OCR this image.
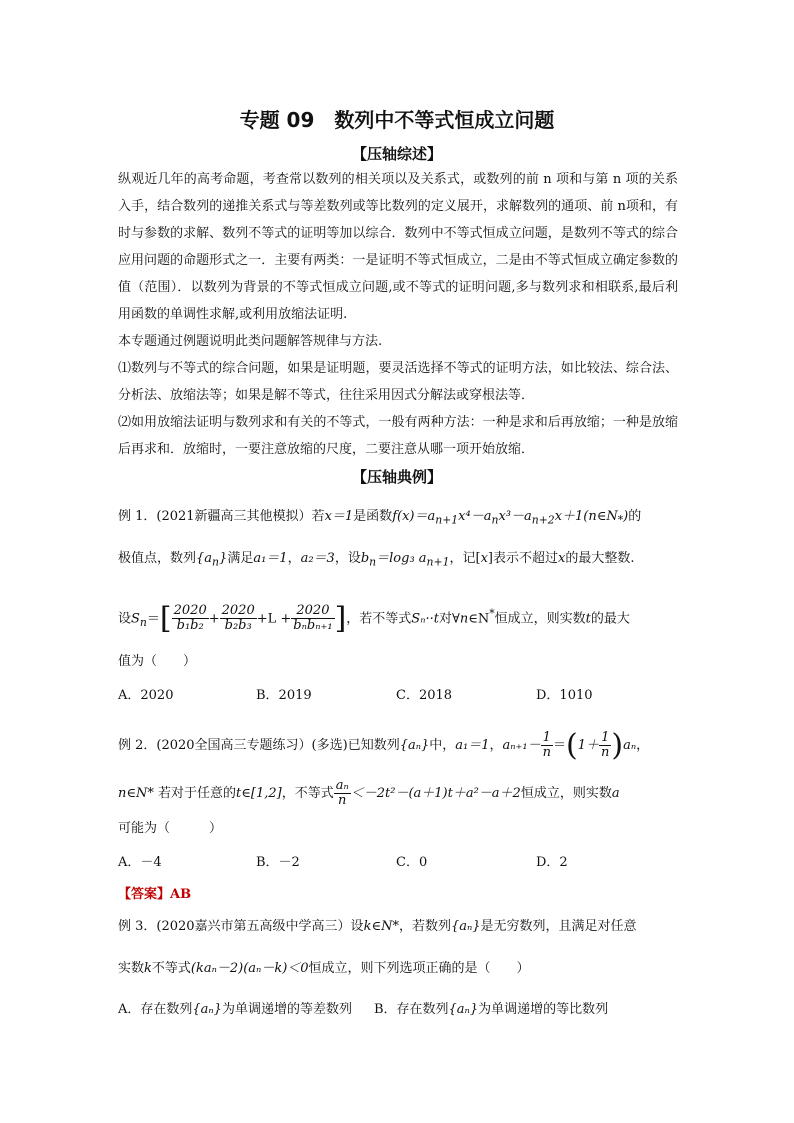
专题 09　数列中不等式恒成立问题
【压轴综述】
纵观近几年的高考命题，考查常以数列的相关项以及关系式，或数列的前 n 项和与第 n 项的关系入手，结合数列的递推关系式与等差数列或等比数列的定义展开，求解数列的通项、前 n项和，有时与参数的求解、数列不等式的证明等加以综合．数列中不等式恒成立问题，是数列不等式的综合应用问题的命题形式之一．主要有两类：一是证明不等式恒成立，二是由不等式恒成立确定参数的值（范围）．以数列为背景的不等式恒成立问题,或不等式的证明问题,多与数列求和相联系,最后利用函数的单调性求解,或利用放缩法证明.
本专题通过例题说明此类问题解答规律与方法.
⑴数列与不等式的综合问题，如果是证明题，要灵活选择不等式的证明方法，如比较法、综合法、分析法、放缩法等；如果是解不等式，往往采用因式分解法或穿根法等．
⑵如用放缩法证明与数列求和有关的不等式，一般有两种方法：一种是求和后再放缩；一种是放缩后再求和．放缩时，一要注意放缩的尺度，二要注意从哪一项开始放缩．
【压轴典例】
例 1．(2021新疆高三其他模拟）若x＝1是函数$f(x)=a_{n+1}x^4-a_nx^3-a_{n+2}x+1(n\in N_*)$的
极值点，数列$\{a_n\}$满足a₁＝1，a₂＝3，设$b_n=\log_3$ $a_{n+1}$，记[x]表示不超过x的最大整数.
设$S_n=[ \frac{2020}{\text{b₁b₂}} + \frac{2020}{\text{b₂b₃}} +L + \frac{2020}{\text{bₙbₙ₊₁}}$ ]，若不等式Sₙ··t对∀n∈N*恒成立，则实数t的最大
值为（　　）
A．2020	B．2019	C．2018	D．1010
例 2．(2020全国高三专题练习）(多选)已知数列{aₙ}中，a₁＝1，$a_{n+1}- \frac{1}{n} =(1+ \frac{1}{n} )a_n$，
n∈N* 若对于任意的t∈[1,2]，不等式 $\frac{\text{aₙ}}{n} <-2t^2-(a+1)t+a^2-a+2$恒成立，则实数a
可能为（　　　）
A．－4	B．－2	C．0	D．2
【答案】AB
例 3．(2020嘉兴市第五高级中学高三）设k∈N*，若数列{aₙ}是无穷数列，且满足对任意
实数k不等式(kaₙ－2)(aₙ－k)＜0恒成立，则下列选项正确的是（　　）
A．存在数列{aₙ}为单调递增的等差数列 B．存在数列{aₙ}为单调递增的等比数列
